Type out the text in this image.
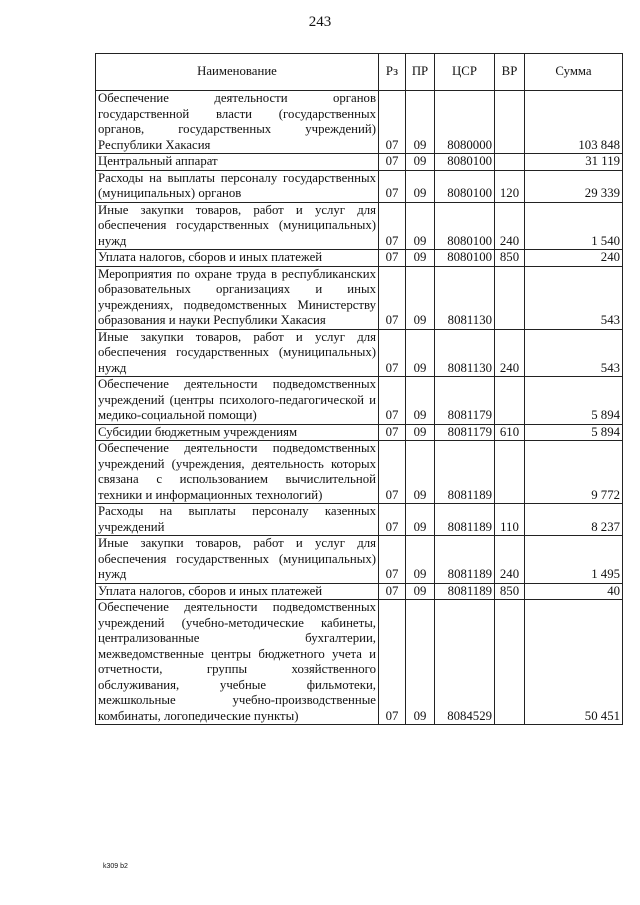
243
Наименование	Рз	ПР	ЦСР	ВР	Сумма
Обеспечение деятельности органов государственной власти (государственных органов, государственных учреждений) Республики Хакасия	07	09	8080000		103 848
Центральный аппарат	07	09	8080100		31 119
Расходы на выплаты персоналу государственных (муниципальных) органов	07	09	8080100	120	29 339
Иные закупки товаров, работ и услуг для обеспечения государственных (муниципальных) нужд	07	09	8080100	240	1 540
Уплата налогов, сборов и иных платежей	07	09	8080100	850	240
Мероприятия по охране труда в республиканских образовательных организациях и иных учреждениях, подведомственных Министерству образования и науки Республики Хакасия	07	09	8081130		543
Иные закупки товаров, работ и услуг для обеспечения государственных (муниципальных) нужд	07	09	8081130	240	543
Обеспечение деятельности подведомственных учреждений (центры психолого-педагогической и медико-социальной помощи)	07	09	8081179		5 894
Субсидии бюджетным учреждениям	07	09	8081179	610	5 894
Обеспечение деятельности подведомственных учреждений (учреждения, деятельность которых связана с использованием вычислительной техники и информационных технологий)	07	09	8081189		9 772
Расходы на выплаты персоналу казенных учреждений	07	09	8081189	110	8 237
Иные закупки товаров, работ и услуг для обеспечения государственных (муниципальных) нужд	07	09	8081189	240	1 495
Уплата налогов, сборов и иных платежей	07	09	8081189	850	40
Обеспечение деятельности подведомственных учреждений (учебно-методические кабинеты, централизованные бухгалтерии, межведомственные центры бюджетного учета и отчетности, группы хозяйственного обслуживания, учебные фильмотеки, межшкольные учебно-производственные комбинаты, логопедические пункты)	07	09	8084529		50 451
k309 b2
